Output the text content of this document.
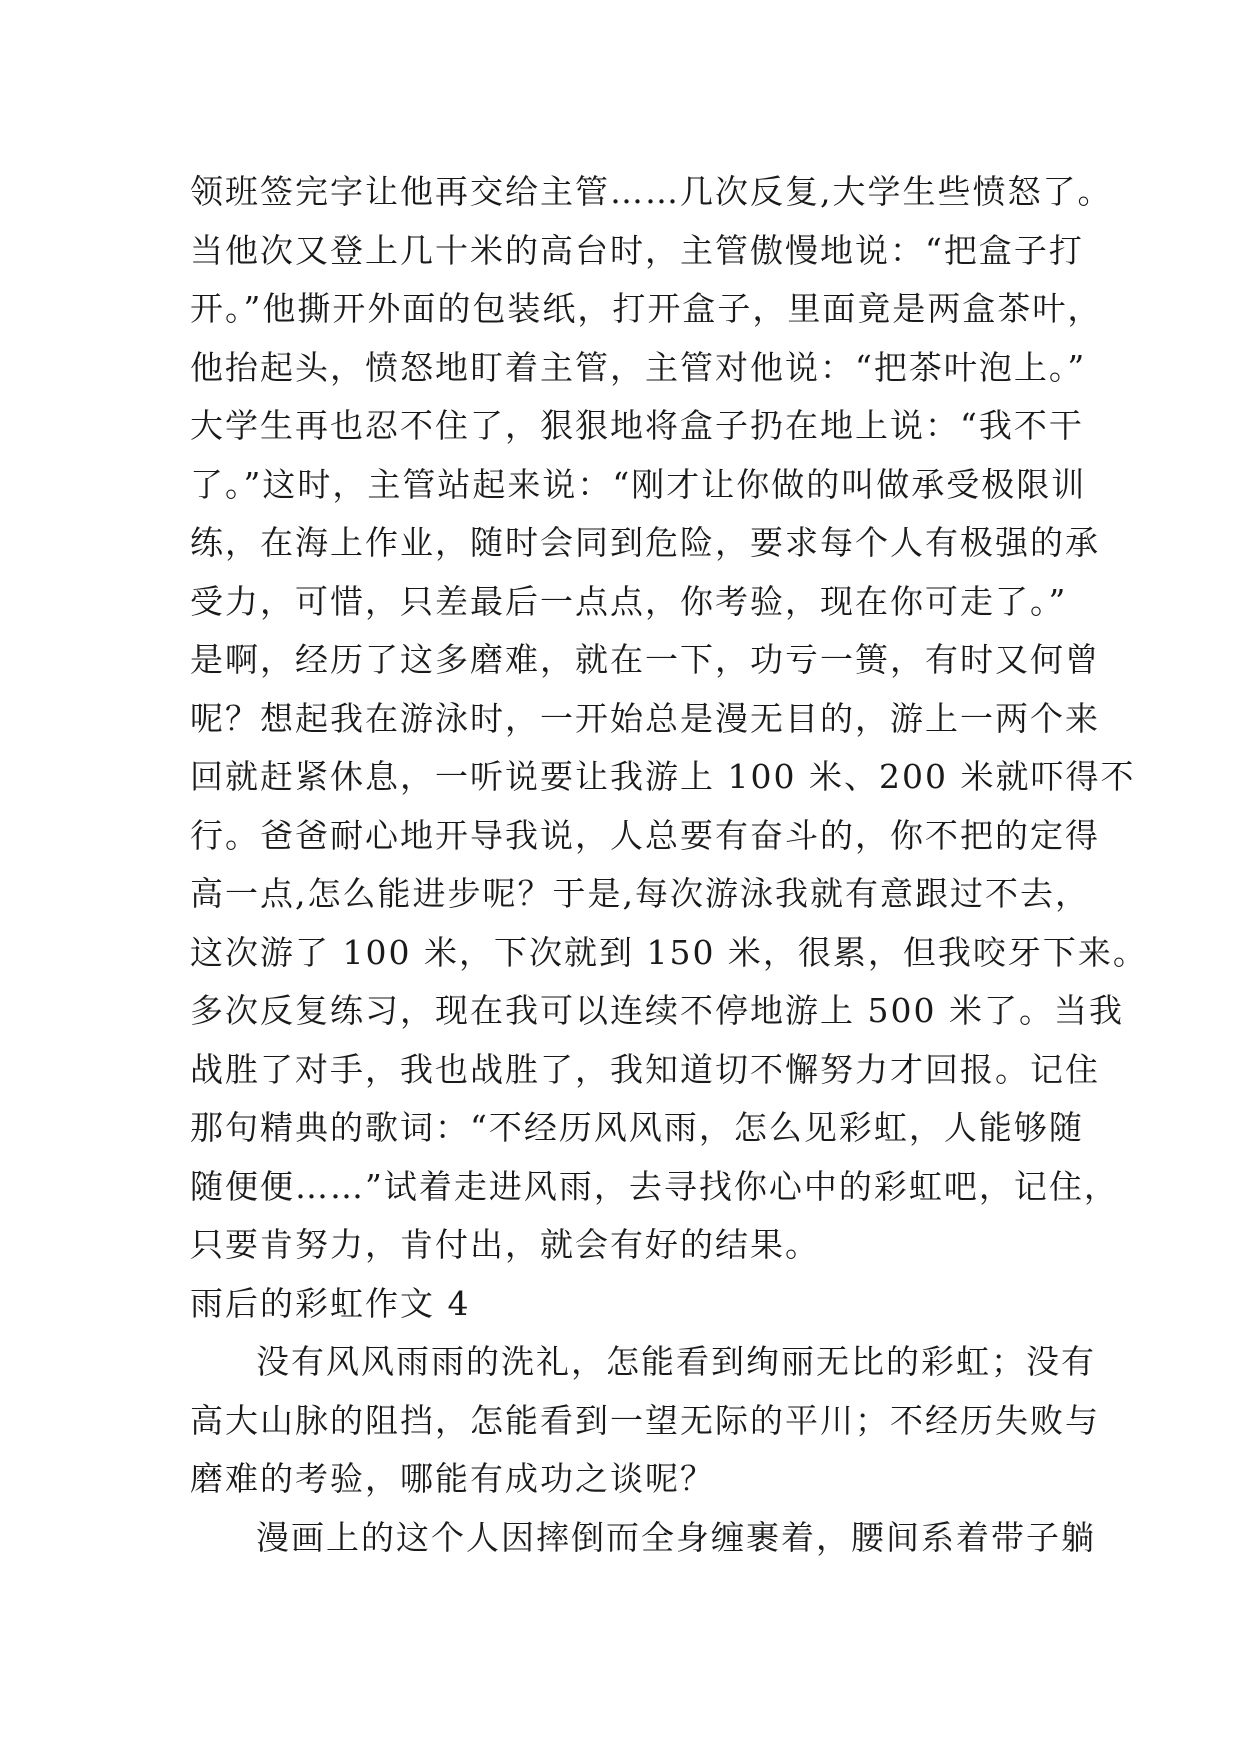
领班签完字让他再交给主管……几次反复,大学生些愤怒了。
当他次又登上几十米的高台时，主管傲慢地说：“把盒子打
开。”他撕开外面的包装纸，打开盒子，里面竟是两盒茶叶，
他抬起头，愤怒地盯着主管，主管对他说：“把茶叶泡上。”
大学生再也忍不住了，狠狠地将盒子扔在地上说：“我不干
了。”这时，主管站起来说：“刚才让你做的叫做承受极限训
练，在海上作业，随时会同到危险，要求每个人有极强的承
受力，可惜，只差最后一点点，你考验，现在你可走了。”
是啊，经历了这多磨难，就在一下，功亏一篑，有时又何曾
呢？想起我在游泳时，一开始总是漫无目的，游上一两个来
回就赶紧休息，一听说要让我游上 100 米、200 米就吓得不
行。爸爸耐心地开导我说，人总要有奋斗的，你不把的定得
高一点,怎么能进步呢？于是,每次游泳我就有意跟过不去，
这次游了 100 米，下次就到 150 米，很累，但我咬牙下来。
多次反复练习，现在我可以连续不停地游上 500 米了。当我
战胜了对手，我也战胜了，我知道切不懈努力才回报。记住
那句精典的歌词：“不经历风风雨，怎么见彩虹，人能够随
随便便……”试着走进风雨，去寻找你心中的彩虹吧，记住，
只要肯努力，肯付出，就会有好的结果。
雨后的彩虹作文 4
没有风风雨雨的洗礼，怎能看到绚丽无比的彩虹；没有
高大山脉的阻挡，怎能看到一望无际的平川；不经历失败与
磨难的考验，哪能有成功之谈呢？
漫画上的这个人因摔倒而全身缠裹着，腰间系着带子躺
